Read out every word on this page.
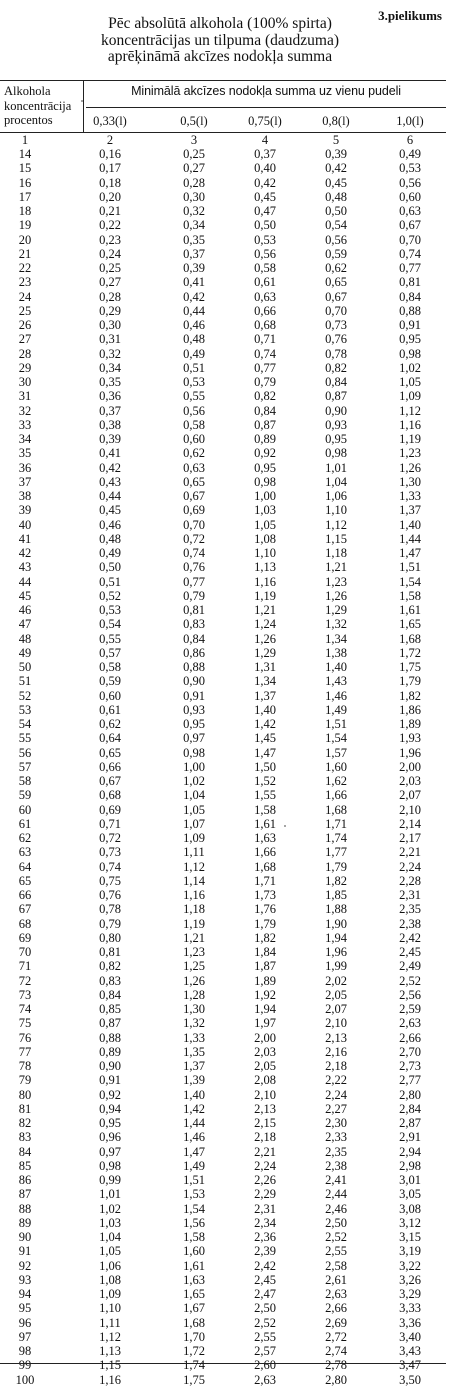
3.pielikums
Pēc absolūtā alkohola (100% spirta)
koncentrācijas un tilpuma (daudzuma)
aprēķināmā akcīzes nodokļa summa
Alkohola
koncentrācija
procentos
Minimālā akcīzes nodokļa summa uz vienu pudeli
0,33(l)	0,5(l)	0,75(l)	0,8(l)	1,0(l)
1	2	3	4	5	6
14	0,16	0,25	0,37	0,39	0,49
15	0,17	0,27	0,40	0,42	0,53
16	0,18	0,28	0,42	0,45	0,56
17	0,20	0,30	0,45	0,48	0,60
18	0,21	0,32	0,47	0,50	0,63
19	0,22	0,34	0,50	0,54	0,67
20	0,23	0,35	0,53	0,56	0,70
21	0,24	0,37	0,56	0,59	0,74
22	0,25	0,39	0,58	0,62	0,77
23	0,27	0,41	0,61	0,65	0,81
24	0,28	0,42	0,63	0,67	0,84
25	0,29	0,44	0,66	0,70	0,88
26	0,30	0,46	0,68	0,73	0,91
27	0,31	0,48	0,71	0,76	0,95
28	0,32	0,49	0,74	0,78	0,98
29	0,34	0,51	0,77	0,82	1,02
30	0,35	0,53	0,79	0,84	1,05
31	0,36	0,55	0,82	0,87	1,09
32	0,37	0,56	0,84	0,90	1,12
33	0,38	0,58	0,87	0,93	1,16
34	0,39	0,60	0,89	0,95	1,19
35	0,41	0,62	0,92	0,98	1,23
36	0,42	0,63	0,95	1,01	1,26
37	0,43	0,65	0,98	1,04	1,30
38	0,44	0,67	1,00	1,06	1,33
39	0,45	0,69	1,03	1,10	1,37
40	0,46	0,70	1,05	1,12	1,40
41	0,48	0,72	1,08	1,15	1,44
42	0,49	0,74	1,10	1,18	1,47
43	0,50	0,76	1,13	1,21	1,51
44	0,51	0,77	1,16	1,23	1,54
45	0,52	0,79	1,19	1,26	1,58
46	0,53	0,81	1,21	1,29	1,61
47	0,54	0,83	1,24	1,32	1,65
48	0,55	0,84	1,26	1,34	1,68
49	0,57	0,86	1,29	1,38	1,72
50	0,58	0,88	1,31	1,40	1,75
51	0,59	0,90	1,34	1,43	1,79
52	0,60	0,91	1,37	1,46	1,82
53	0,61	0,93	1,40	1,49	1,86
54	0,62	0,95	1,42	1,51	1,89
55	0,64	0,97	1,45	1,54	1,93
56	0,65	0,98	1,47	1,57	1,96
57	0,66	1,00	1,50	1,60	2,00
58	0,67	1,02	1,52	1,62	2,03
59	0,68	1,04	1,55	1,66	2,07
60	0,69	1,05	1,58	1,68	2,10
61	0,71	1,07	1,61	1,71	2,14
62	0,72	1,09	1,63	1,74	2,17
63	0,73	1,11	1,66	1,77	2,21
64	0,74	1,12	1,68	1,79	2,24
65	0,75	1,14	1,71	1,82	2,28
66	0,76	1,16	1,73	1,85	2,31
67	0,78	1,18	1,76	1,88	2,35
68	0,79	1,19	1,79	1,90	2,38
69	0,80	1,21	1,82	1,94	2,42
70	0,81	1,23	1,84	1,96	2,45
71	0,82	1,25	1,87	1,99	2,49
72	0,83	1,26	1,89	2,02	2,52
73	0,84	1,28	1,92	2,05	2,56
74	0,85	1,30	1,94	2,07	2,59
75	0,87	1,32	1,97	2,10	2,63
76	0,88	1,33	2,00	2,13	2,66
77	0,89	1,35	2,03	2,16	2,70
78	0,90	1,37	2,05	2,18	2,73
79	0,91	1,39	2,08	2,22	2,77
80	0,92	1,40	2,10	2,24	2,80
81	0,94	1,42	2,13	2,27	2,84
82	0,95	1,44	2,15	2,30	2,87
83	0,96	1,46	2,18	2,33	2,91
84	0,97	1,47	2,21	2,35	2,94
85	0,98	1,49	2,24	2,38	2,98
86	0,99	1,51	2,26	2,41	3,01
87	1,01	1,53	2,29	2,44	3,05
88	1,02	1,54	2,31	2,46	3,08
89	1,03	1,56	2,34	2,50	3,12
90	1,04	1,58	2,36	2,52	3,15
91	1,05	1,60	2,39	2,55	3,19
92	1,06	1,61	2,42	2,58	3,22
93	1,08	1,63	2,45	2,61	3,26
94	1,09	1,65	2,47	2,63	3,29
95	1,10	1,67	2,50	2,66	3,33
96	1,11	1,68	2,52	2,69	3,36
97	1,12	1,70	2,55	2,72	3,40
98	1,13	1,72	2,57	2,74	3,43
99	1,15	1,74	2,60	2,78	3,47
100	1,16	1,75	2,63	2,80	3,50
